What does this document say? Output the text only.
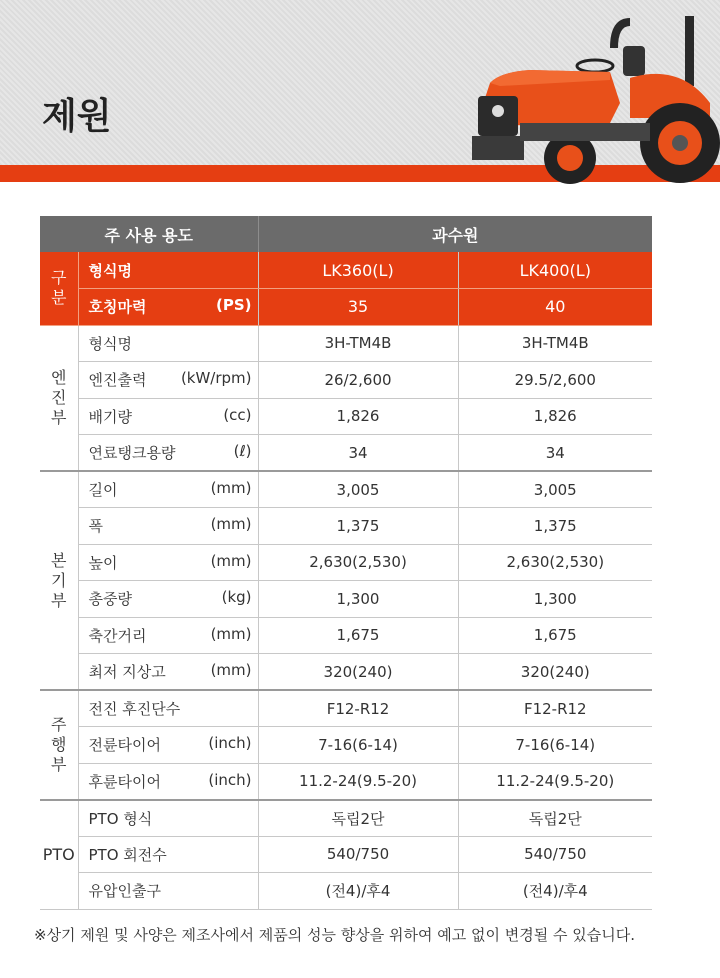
제원
주 사용 용도		과수원	
구
분	형식명	LK360(L)	LK400(L)

	호칭마력 (PS)	35	40
엔
진
부	형식명	3H-TM4B	3H-TM4B

	엔진출력 (kW/rpm)	26/2,600	29.5/2,600

	배기량 (cc)	1,826	1,826

	연료탱크용량 (ℓ)	34	34
본
기
부	길이 (mm)	3,005	3,005

	폭 (mm)	1,375	1,375

	높이 (mm)	2,630(2,530)	2,630(2,530)

	총중량 (kg)	1,300	1,300

	축간거리 (mm)	1,675	1,675

	최저 지상고 (mm)	320(240)	320(240)
주
행
부	전진 후진단수	F12-R12	F12-R12

	전륜타이어 (inch)	7-16(6-14)	7-16(6-14)

	후륜타이어 (inch)	11.2-24(9.5-20)	11.2-24(9.5-20)
PTO	PTO 형식	독립2단	독립2단

	PTO 회전수	540/750	540/750

	유압인출구	(전4)/후4	(전4)/후4
※상기 제원 및 사양은 제조사에서 제품의 성능 향상을 위하여 예고 없이 변경될 수 있습니다.
